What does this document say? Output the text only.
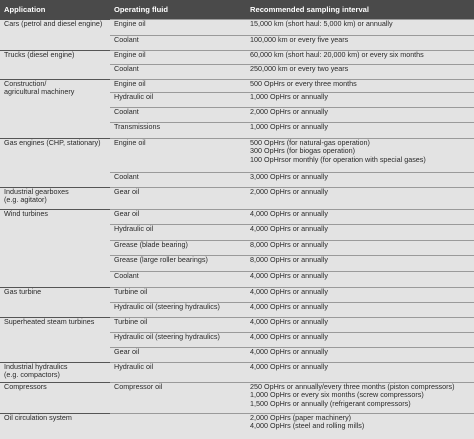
Application	Operating fluid	Recommended sampling interval
Cars (petrol and diesel engine)	Engine oil	15,000 km (short haul: 5,000 km) or annually
	Coolant	100,000 km or every five years
Trucks (diesel engine)	Engine oil	60,000 km (short haul: 20,000 km) or every six months
	Coolant	250,000 km or every two years
Construction/
agricultural machinery	Engine oil	500 OpHrs or every three months
	Hydraulic oil	1,000 OpHrs or annually
	Coolant	2,000 OpHrs or annually
	Transmissions	1,000 OpHrs or annually
Gas engines (CHP, stationary)	Engine oil	500 OpHrs (for natural-gas operation)
300 OpHrs (for biogas operation)
100 OpHrsor monthly (for operation with special gases)
	Coolant	3,000 OpHrs or annually
Industrial gearboxes
(e.g. agitator)	Gear oil	2,000 OpHrs or annually
Wind turbines	Gear oil	4,000 OpHrs or annually
	Hydraulic oil	4,000 OpHrs or annually
	Grease (blade bearing)	8,000 OpHrs or annually
	Grease (large roller bearings)	8,000 OpHrs or annually
	Coolant	4,000 OpHrs or annually
Gas turbine	Turbine oil	4,000 OpHrs or annually
	Hydraulic oil (steering hydraulics)	4,000 OpHrs or annually
Superheated steam turbines	Turbine oil	4,000 OpHrs or annually
	Hydraulic oil (steering hydraulics)	4,000 OpHrs or annually
	Gear oil	4,000 OpHrs or annually
Industrial hydraulics
(e.g. compactors)	Hydraulic oil	4,000 OpHrs or annually
Compressors	Compressor oil	250 OpHrs or annually/every three months (piston compressors)
1,000 OpHrs or every six months (screw compressors)
1,500 OpHrs or annually (refrigerant compressors)
Oil circulation system		2,000 OpHrs (paper machinery)
4,000 OpHrs (steel and rolling mills)
